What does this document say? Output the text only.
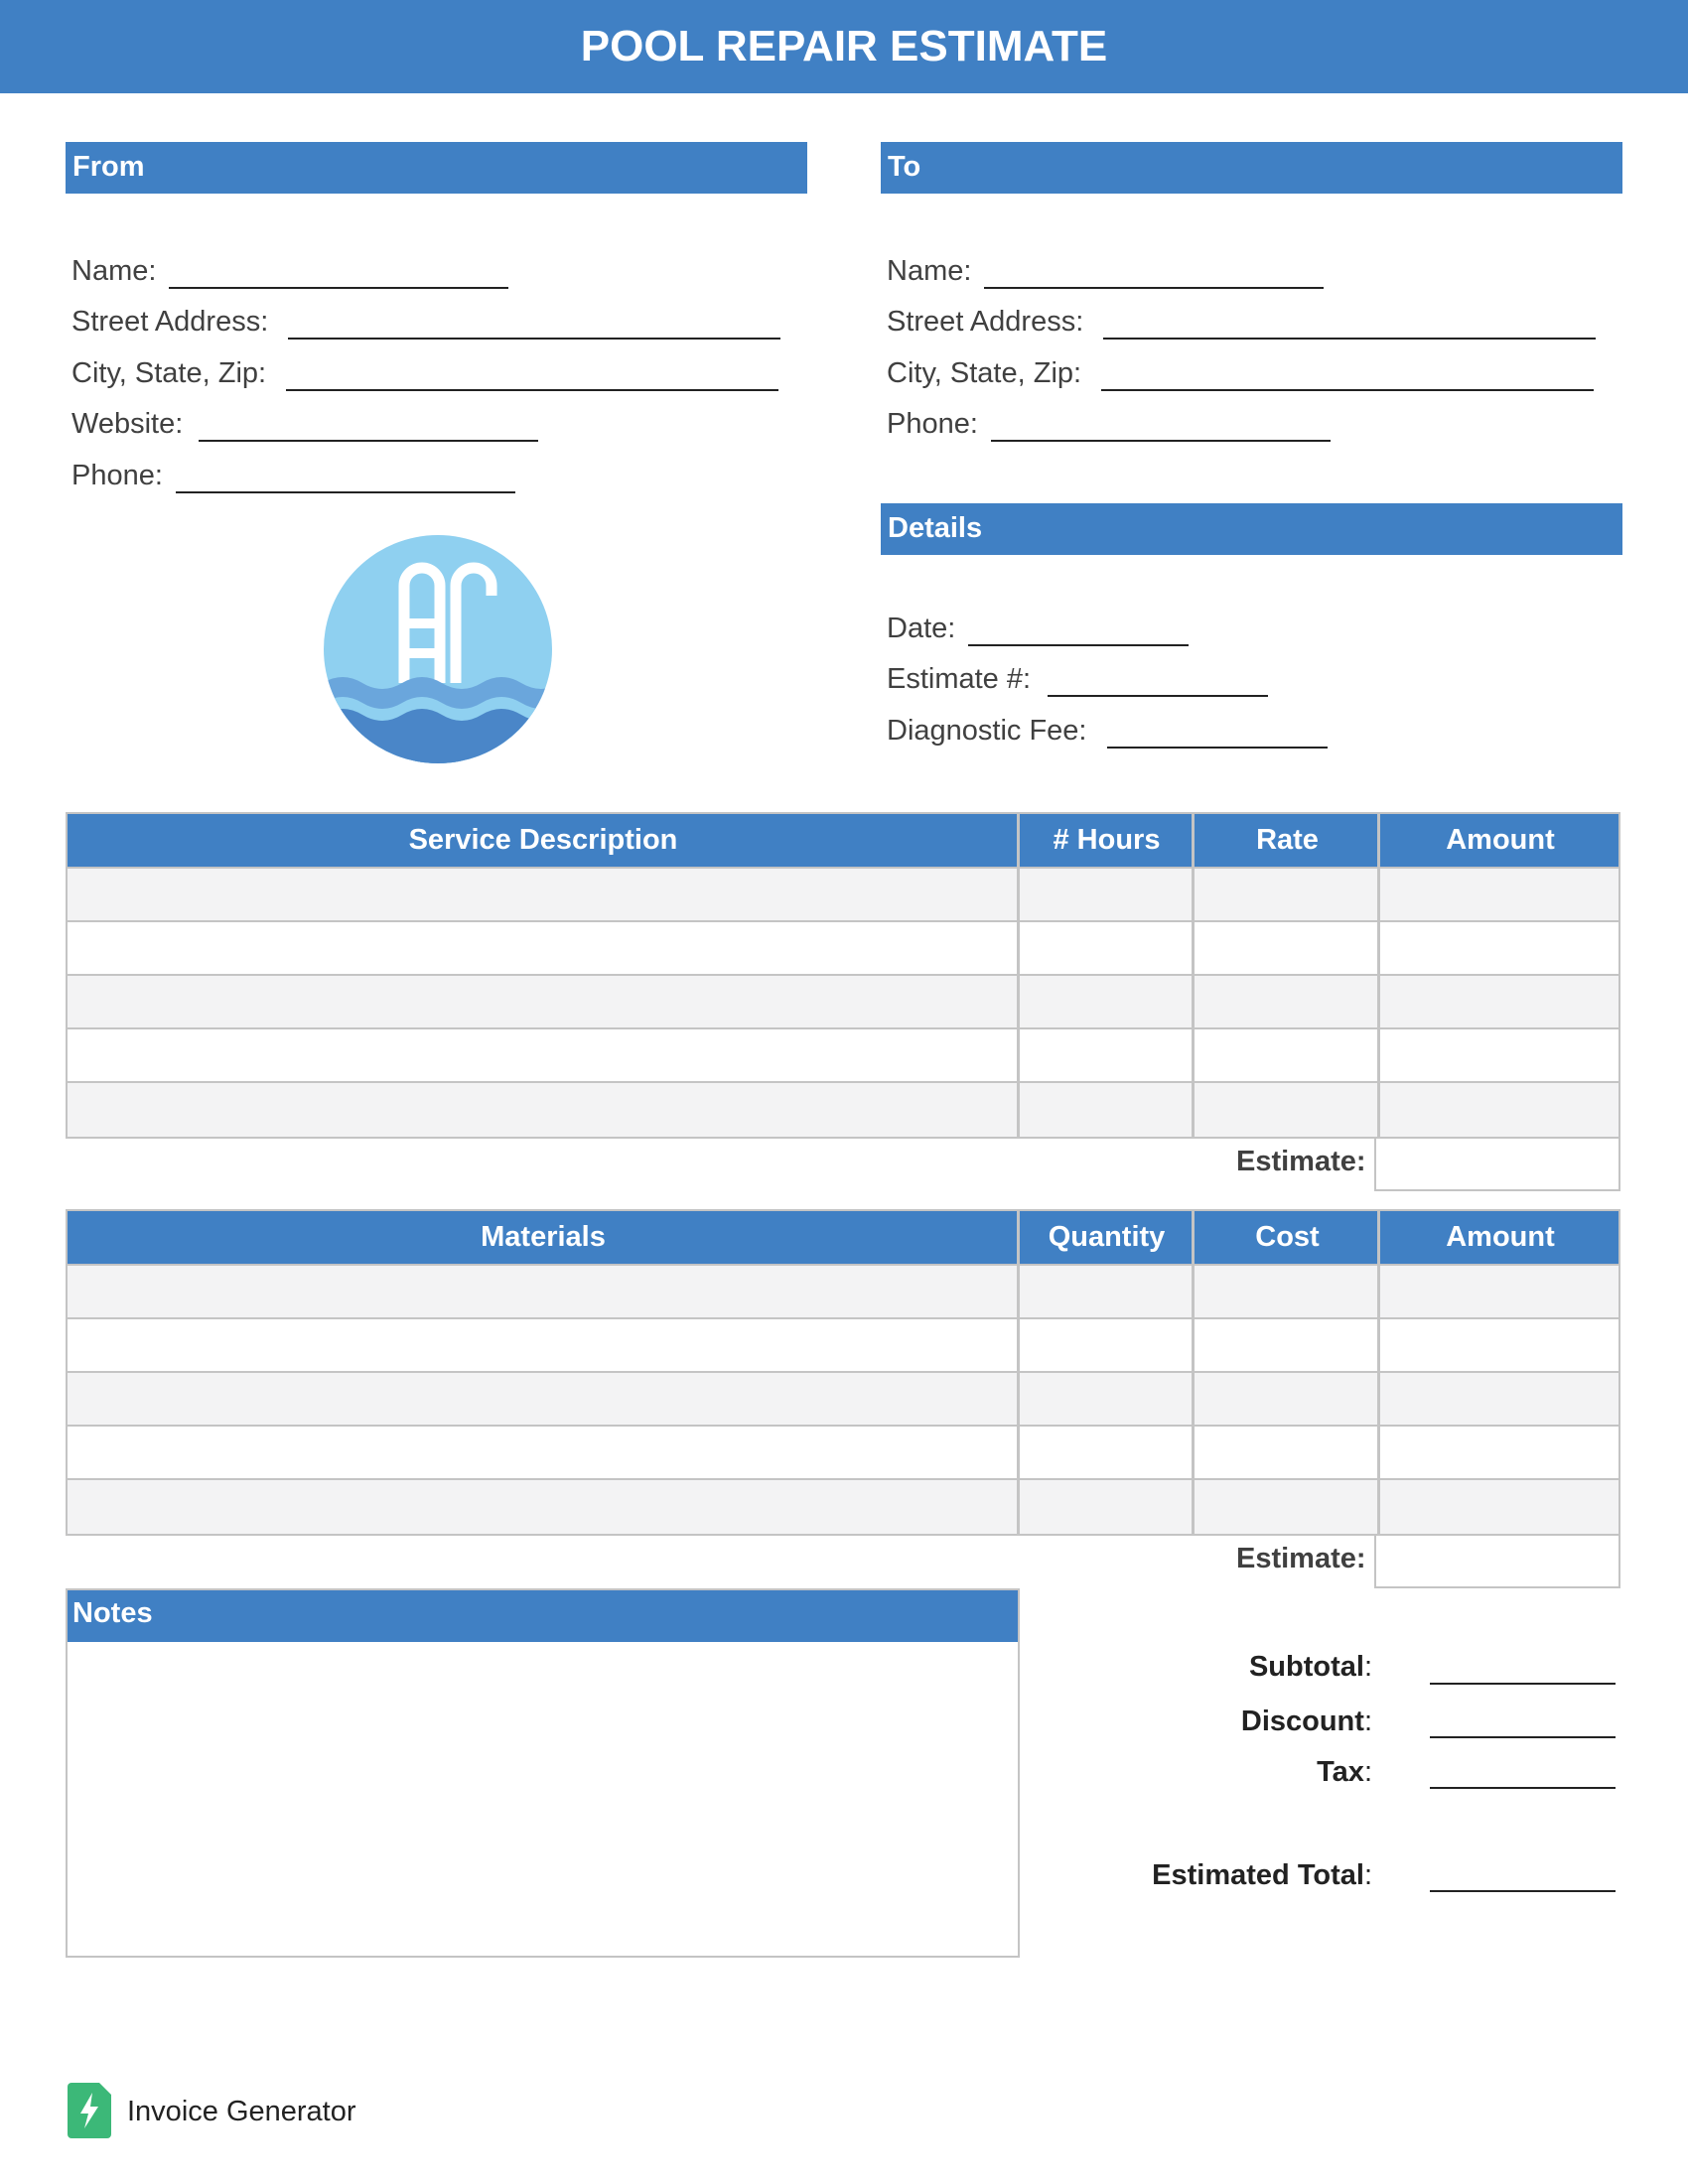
POOL REPAIR ESTIMATE
From
Name:
Street Address:
City, State, Zip:
Website:
Phone:
To
Name:
Street Address:
City, State, Zip:
Phone:
Details
Date:
Estimate #:
Diagnostic Fee:
Service Description	# Hours	Rate	Amount
Estimate:
Materials	Quantity	Cost	Amount
Estimate:
Notes
Subtotal:
Discount:
Tax:
Estimated Total:
Invoice Generator
